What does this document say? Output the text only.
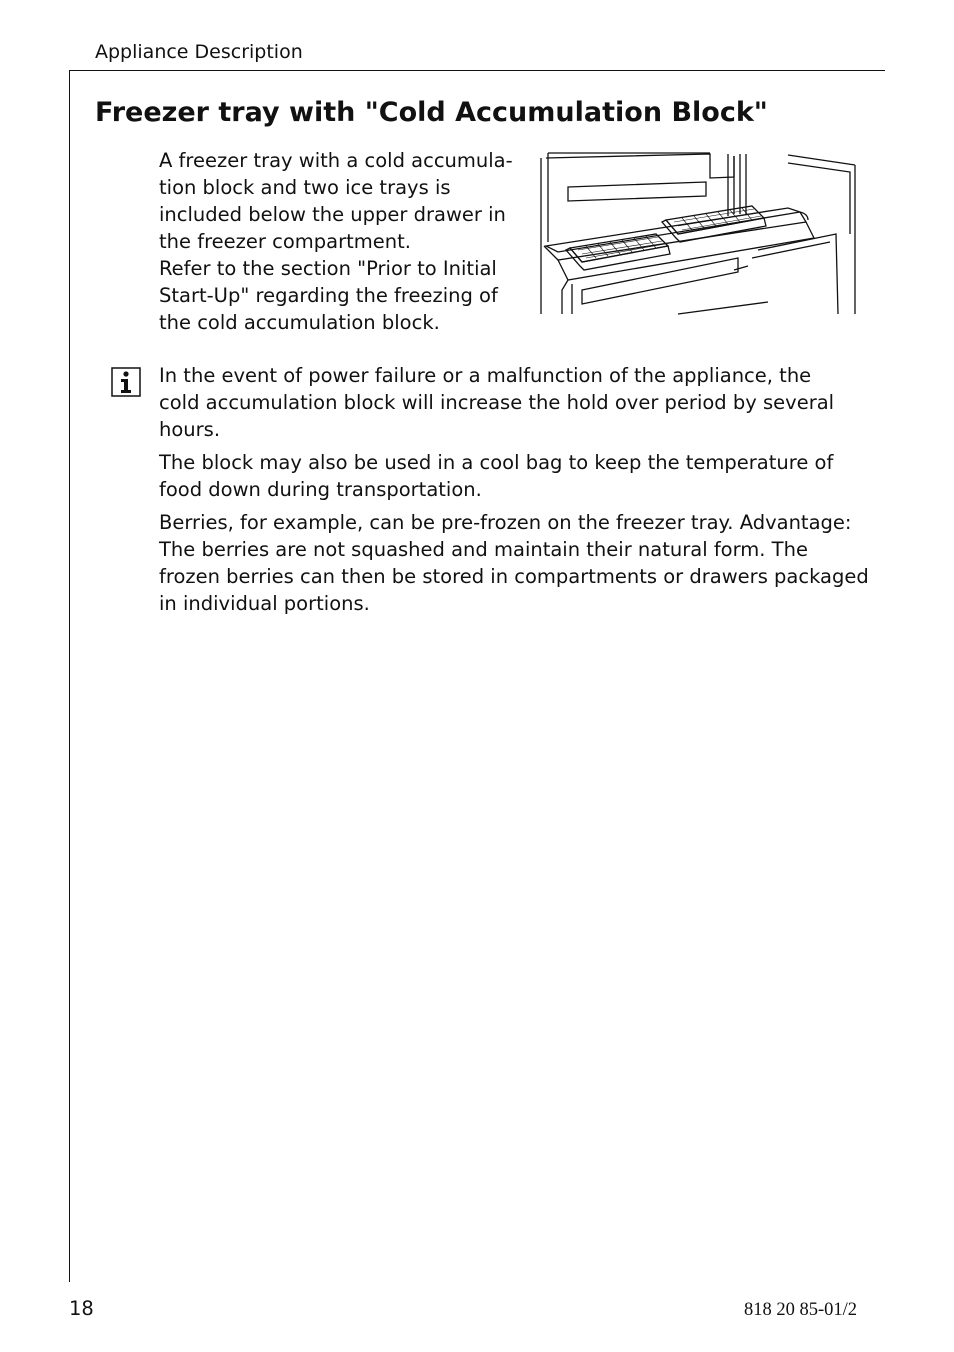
Appliance Description
Freezer tray with "Cold Accumulation Block"

A freezer tray with a cold accumula-
tion block and two ice trays is
included below the upper drawer in
the freezer compartment.
Refer to the section "Prior to Initial
Start-Up" regarding the freezing of
the cold accumulation block.

In the event of power failure or a malfunction of the appliance, the
cold accumulation block will increase the hold over period by several
hours.

The block may also be used in a cool bag to keep the temperature of
food down during transportation.

Berries, for example, can be pre-frozen on the freezer tray. Advantage:
The berries are not squashed and maintain their natural form. The
frozen berries can then be stored in compartments or drawers packaged
in individual portions.

18	818 20 85-01/2
